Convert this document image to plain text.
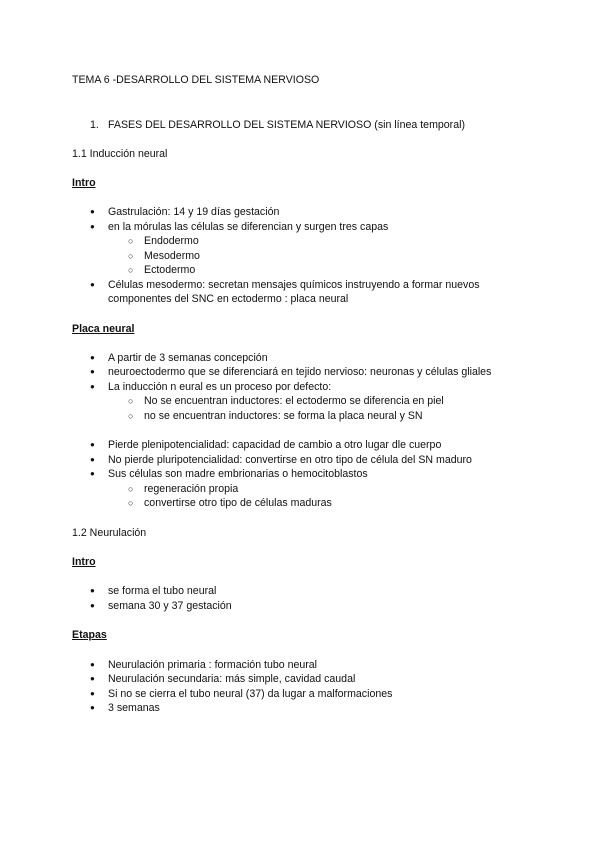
TEMA 6 -DESARROLLO DEL SISTEMA NERVIOSO
1. FASES DEL DESARROLLO DEL SISTEMA NERVIOSO (sin línea temporal)
1.1 Inducción neural
Intro
● Gastrulación: 14 y 19 días gestación
● en la mórulas las células se diferencian y surgen tres capas
○ Endodermo
○ Mesodermo
○ Ectodermo
● Células mesodermo: secretan mensajes químicos instruyendo a formar nuevos
componentes del SNC en ectodermo : placa neural
Placa neural
● A partir de 3 semanas concepción
● neuroectodermo que se diferenciará en tejido nervioso: neuronas y células gliales
● La inducción n eural es un proceso por defecto:
○ No se encuentran inductores: el ectodermo se diferencia en piel
○ no se encuentran inductores: se forma la placa neural y SN
● Pierde plenipotencialidad: capacidad de cambio a otro lugar dle cuerpo
● No pierde pluripotencialidad: convertirse en otro tipo de célula del SN maduro
● Sus células son madre embrionarias o hemocitoblastos
○ regeneración propia
○ convertirse otro tipo de células maduras
1.2 Neurulación
Intro
● se forma el tubo neural
● semana 30 y 37 gestación
Etapas
● Neurulación primaria : formación tubo neural
● Neurulación secundaria: más simple, cavidad caudal
● Si no se cierra el tubo neural (37) da lugar a malformaciones
● 3 semanas
